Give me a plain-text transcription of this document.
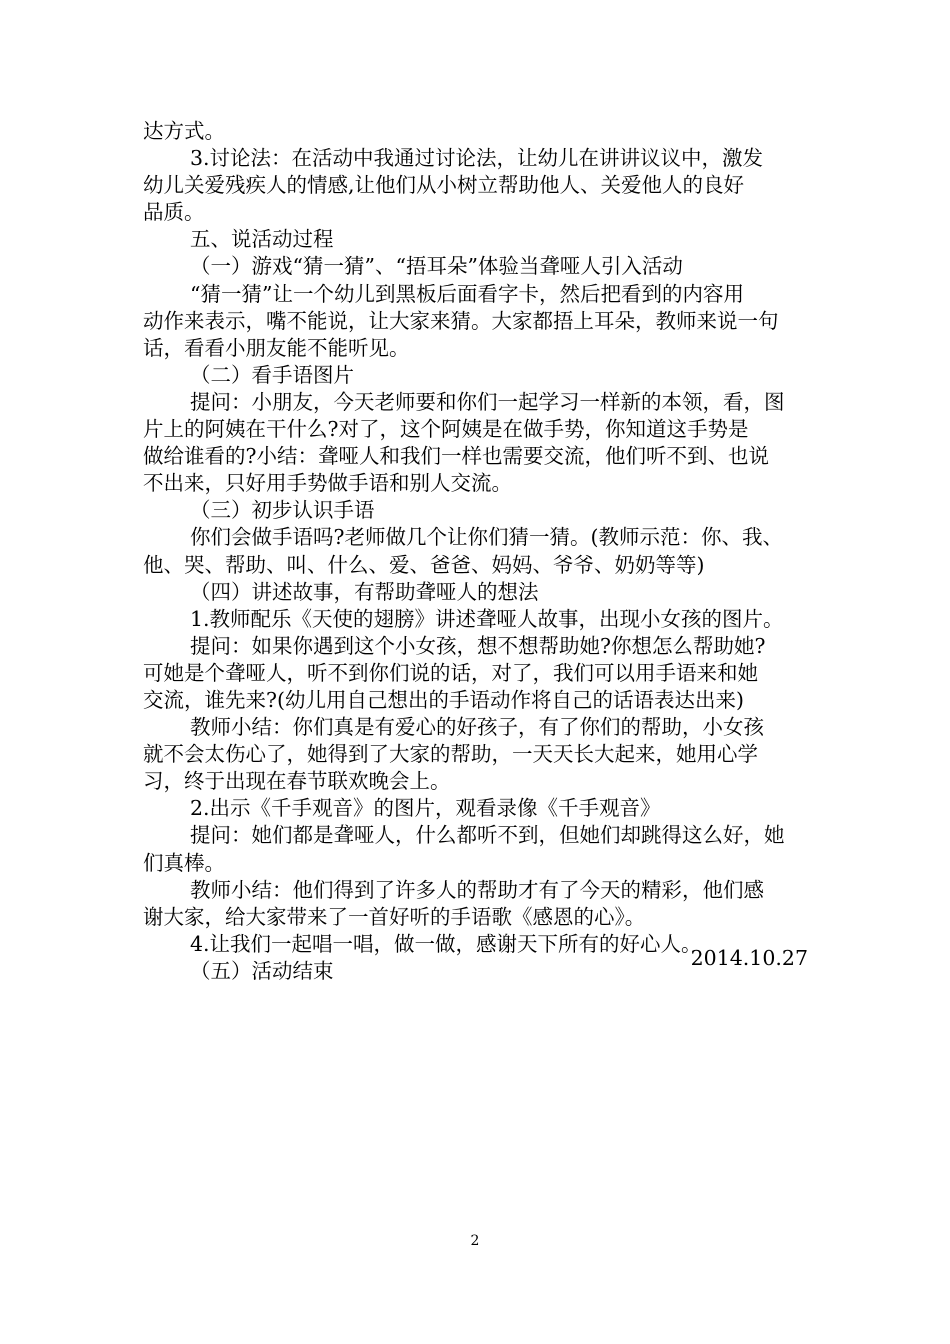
达方式。
3.讨论法：在活动中我通过讨论法，让幼儿在讲讲议议中，激发
幼儿关爱残疾人的情感,让他们从小树立帮助他人、关爱他人的良好
品质。
五、说活动过程
（一）游戏“猜一猜”、“捂耳朵”体验当聋哑人引入活动
“猜一猜”让一个幼儿到黑板后面看字卡，然后把看到的内容用
动作来表示，嘴不能说，让大家来猜。大家都捂上耳朵，教师来说一句
话，看看小朋友能不能听见。
（二）看手语图片
提问：小朋友，今天老师要和你们一起学习一样新的本领，看，图
片上的阿姨在干什么?对了，这个阿姨是在做手势，你知道这手势是
做给谁看的?小结：聋哑人和我们一样也需要交流，他们听不到、也说
不出来，只好用手势做手语和别人交流。
（三）初步认识手语
你们会做手语吗?老师做几个让你们猜一猜。(教师示范：你、我、
他、哭、帮助、叫、什么、爱、爸爸、妈妈、爷爷、奶奶等等)
（四）讲述故事，有帮助聋哑人的想法
1.教师配乐《天使的翅膀》讲述聋哑人故事，出现小女孩的图片。
提问：如果你遇到这个小女孩，想不想帮助她?你想怎么帮助她?
可她是个聋哑人，听不到你们说的话，对了，我们可以用手语来和她
交流，谁先来?(幼儿用自己想出的手语动作将自己的话语表达出来)
教师小结：你们真是有爱心的好孩子，有了你们的帮助，小女孩
就不会太伤心了，她得到了大家的帮助，一天天长大起来，她用心学
习，终于出现在春节联欢晚会上。
2.出示《千手观音》的图片，观看录像《千手观音》
提问：她们都是聋哑人，什么都听不到，但她们却跳得这么好，她
们真棒。
教师小结：他们得到了许多人的帮助才有了今天的精彩，他们感
谢大家，给大家带来了一首好听的手语歌《感恩的心》。
4.让我们一起唱一唱，做一做，感谢天下所有的好心人。
（五）活动结束
2014.10.27
2
